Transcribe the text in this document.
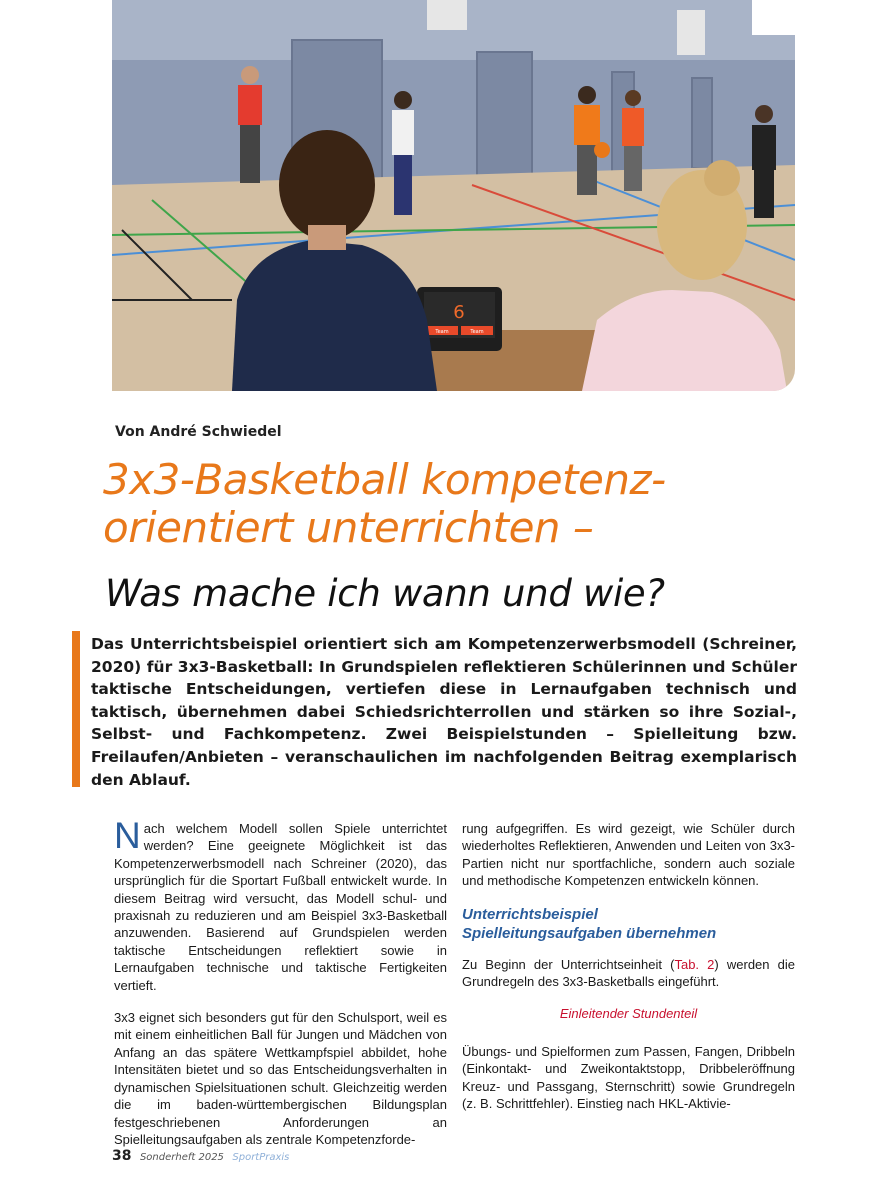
6
Team	Team
Von André Schwiedel
3x3-Basketball kompetenz-
orientiert unterrichten –
Was mache ich wann und wie?
Das Unterrichtsbeispiel orientiert sich am Kompetenzerwerbsmodell (Schreiner, 2020) für 3x3-Basketball: In Grundspielen reflektieren Schülerinnen und Schüler taktische Entscheidungen, vertiefen diese in Lernaufgaben technisch und taktisch, übernehmen dabei Schiedsrichterrollen und stärken so ihre Sozial-, Selbst- und Fachkompetenz. Zwei Beispielstunden – Spielleitung bzw. Freilaufen/Anbieten – veranschaulichen im nachfolgenden Beitrag exemplarisch den Ablauf.

Nach welchem Modell sollen Spiele unterrichtet werden? Eine geeignete Möglichkeit ist das Kompetenzerwerbsmodell nach Schreiner (2020), das ursprünglich für die Sportart Fußball entwickelt wurde. In diesem Beitrag wird versucht, das Modell schul- und praxisnah zu reduzieren und am Beispiel 3x3-Basketball anzuwenden. Basierend auf Grundspielen werden taktische Entscheidungen reflektiert sowie in Lernaufgaben technische und taktische Fertigkeiten vertieft.

3x3 eignet sich besonders gut für den Schulsport, weil es mit einem einheitlichen Ball für Jungen und Mädchen von Anfang an das spätere Wettkampfspiel abbildet, hohe Intensitäten bietet und so das Entscheidungsverhalten in dynamischen Spielsituationen schult. Gleichzeitig werden die im baden-württembergischen Bildungsplan festgeschriebenen Anforderungen an Spielleitungsaufgaben als zentrale Kompetenzforde-

rung aufgegriffen. Es wird gezeigt, wie Schüler durch wiederholtes Reflektieren, Anwenden und Leiten von 3x3-Partien nicht nur sportfachliche, sondern auch soziale und methodische Kompetenzen entwickeln können.

Unterrichtsbeispiel
Spielleitungsaufgaben übernehmen

Zu Beginn der Unterrichtseinheit (Tab. 2) werden die Grundregeln des 3x3-Basketballs eingeführt.

Einleitender Stundenteil

Übungs- und Spielformen zum Passen, Fangen, Dribbeln (Einkontakt- und Zweikontaktstopp, Dribbeleröffnung Kreuz- und Passgang, Sternschritt) sowie Grundregeln (z. B. Schrittfehler). Einstieg nach HKL-Aktivie-

38 Sonderheft 2025 SportPraxis
